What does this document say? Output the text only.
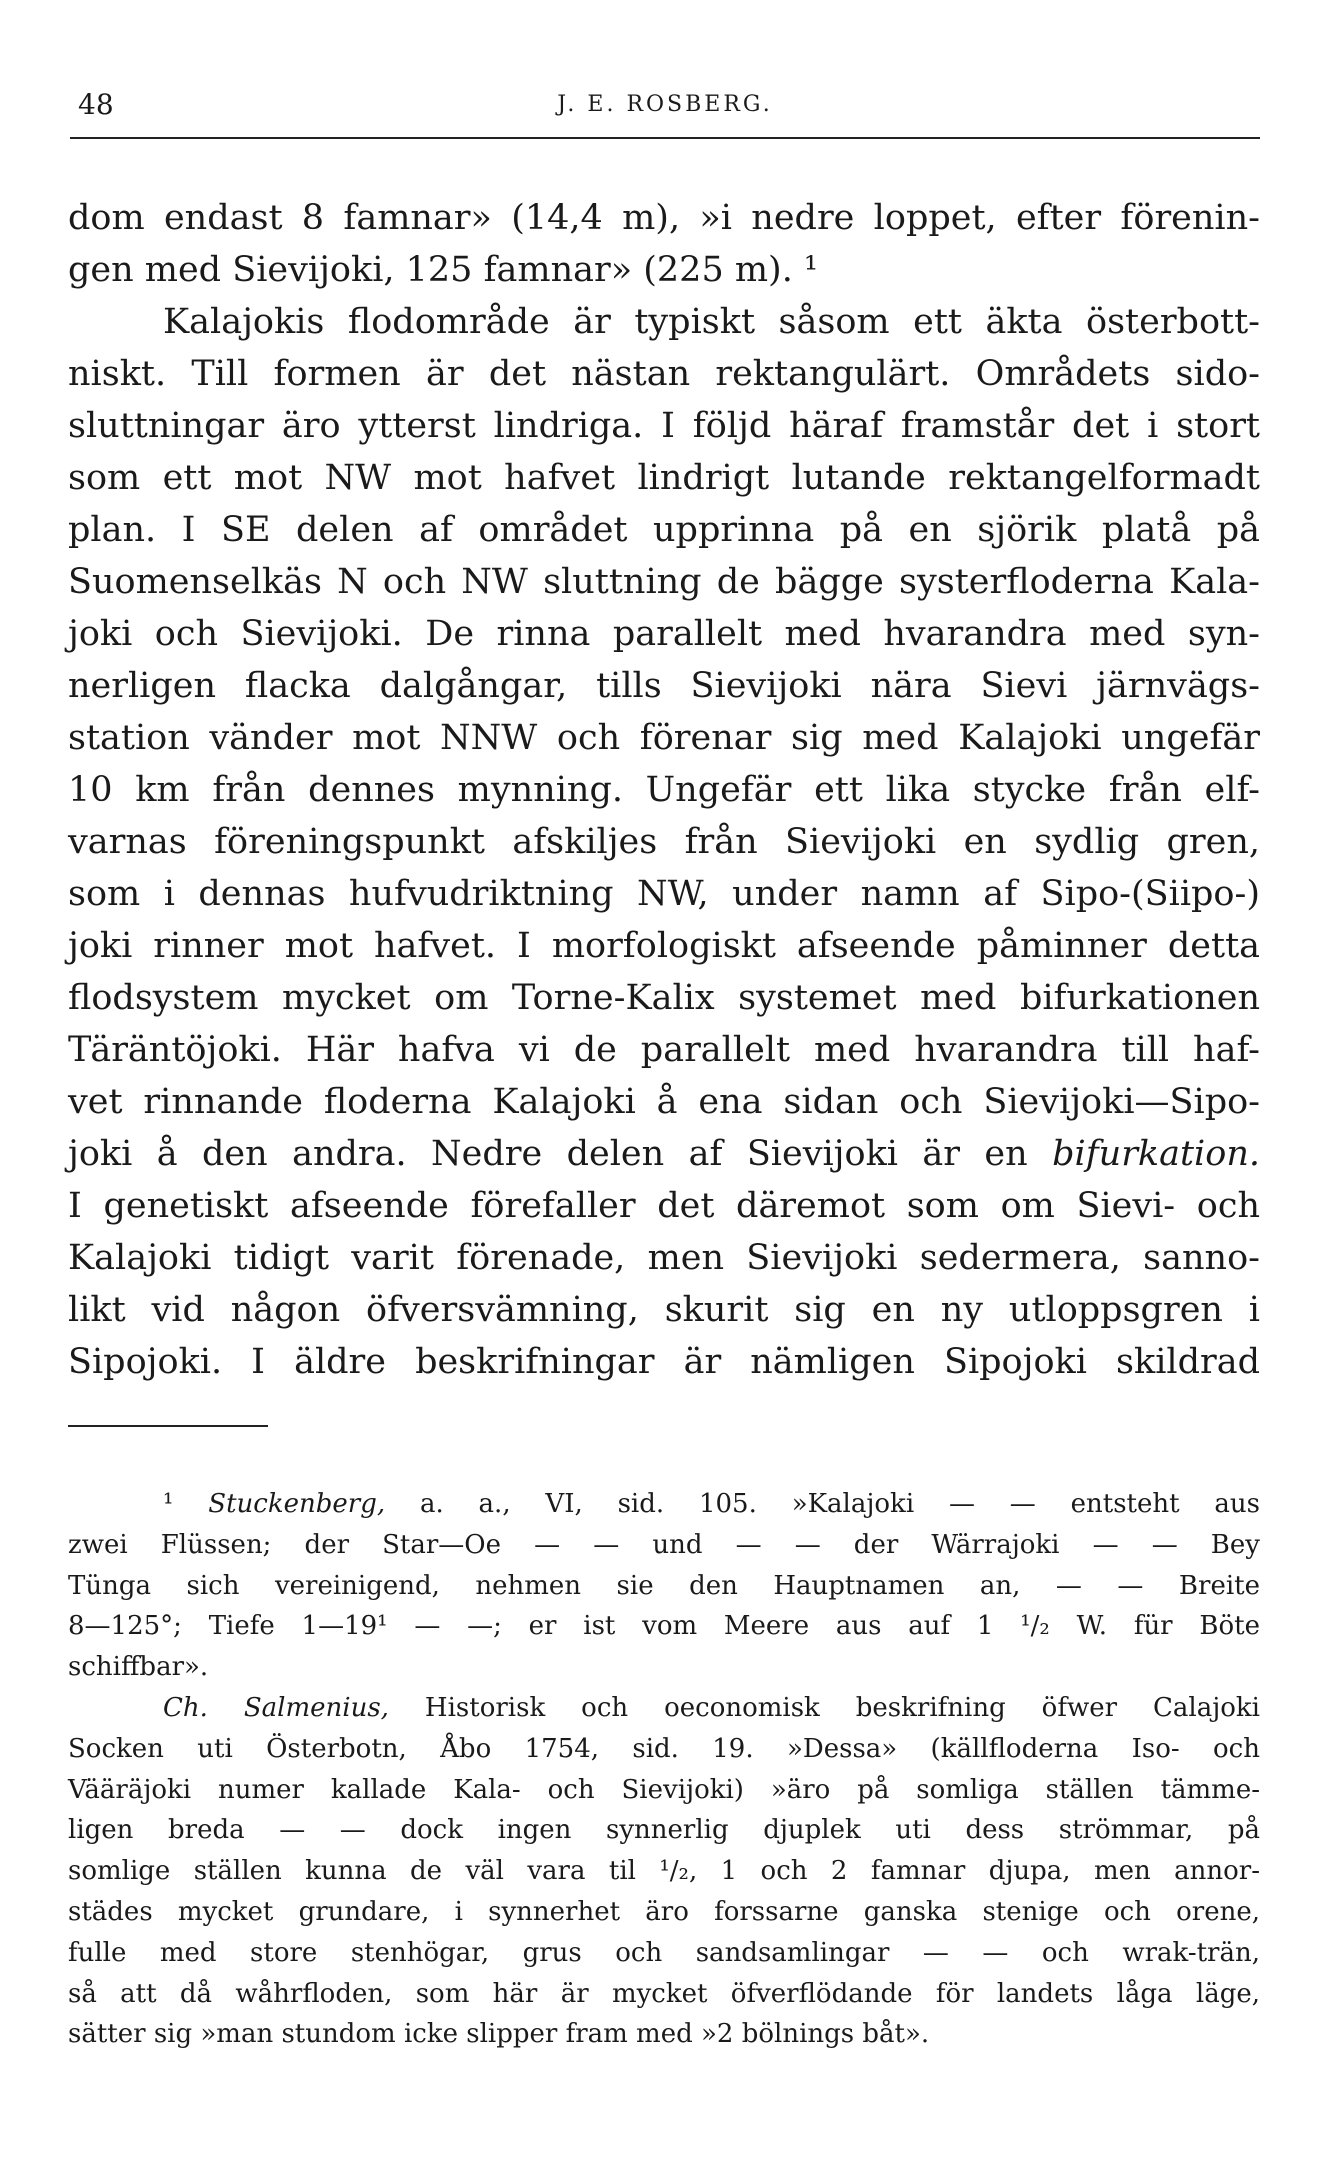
48	J. E. ROSBERG.
dom endast 8 famnar» (14,4 m), »i nedre loppet, efter förenin-
gen med Sievijoki, 125 famnar» (225 m). ¹
Kalajokis flodområde är typiskt såsom ett äkta österbott-
niskt. Till formen är det nästan rektangulärt. Områdets sido-
sluttningar äro ytterst lindriga. I följd häraf framstår det i stort
som ett mot NW mot hafvet lindrigt lutande rektangelformadt
plan. I SE delen af området upprinna på en sjörik platå på
Suomenselkäs N och NW sluttning de bägge systerfloderna Kala-
joki och Sievijoki. De rinna parallelt med hvarandra med syn-
nerligen flacka dalgångar, tills Sievijoki nära Sievi järnvägs-
station vänder mot NNW och förenar sig med Kalajoki ungefär
10 km från dennes mynning. Ungefär ett lika stycke från elf-
varnas föreningspunkt afskiljes från Sievijoki en sydlig gren,
som i dennas hufvudriktning NW, under namn af Sipo-(Siipo-)
joki rinner mot hafvet. I morfologiskt afseende påminner detta
flodsystem mycket om Torne-Kalix systemet med bifurkationen
Täräntöjoki. Här hafva vi de parallelt med hvarandra till haf-
vet rinnande floderna Kalajoki å ena sidan och Sievijoki—Sipo-
joki å den andra. Nedre delen af Sievijoki är en bifurkation.
I genetiskt afseende förefaller det däremot som om Sievi- och
Kalajoki tidigt varit förenade, men Sievijoki sedermera, sanno-
likt vid någon öfversvämning, skurit sig en ny utloppsgren i
Sipojoki. I äldre beskrifningar är nämligen Sipojoki skildrad
¹ Stuckenberg, a. a., VI, sid. 105. »Kalajoki — — entsteht aus
zwei Flüssen; der Star—Oe — — und — — der Wärrajoki — — Bey
Tünga sich vereinigend, nehmen sie den Hauptnamen an, — — Breite
8—125°; Tiefe 1—19¹ — —; er ist vom Meere aus auf 1 ¹/₂ W. für Böte
schiffbar».
Ch. Salmenius, Historisk och oeconomisk beskrifning öfwer Calajoki
Socken uti Österbotn, Åbo 1754, sid. 19. »Dessa» (källfloderna Iso- och
Vääräjoki numer kallade Kala- och Sievijoki) »äro på somliga ställen tämme-
ligen breda — — dock ingen synnerlig djuplek uti dess strömmar, på
somlige ställen kunna de väl vara til ¹/₂, 1 och 2 famnar djupa, men annor-
städes mycket grundare, i synnerhet äro forssarne ganska stenige och orene,
fulle med store stenhögar, grus och sandsamlingar — — och wrak-trän,
så att då wåhrfloden, som här är mycket öfverflödande för landets låga läge,
sätter sig »man stundom icke slipper fram med »2 bölnings båt».
